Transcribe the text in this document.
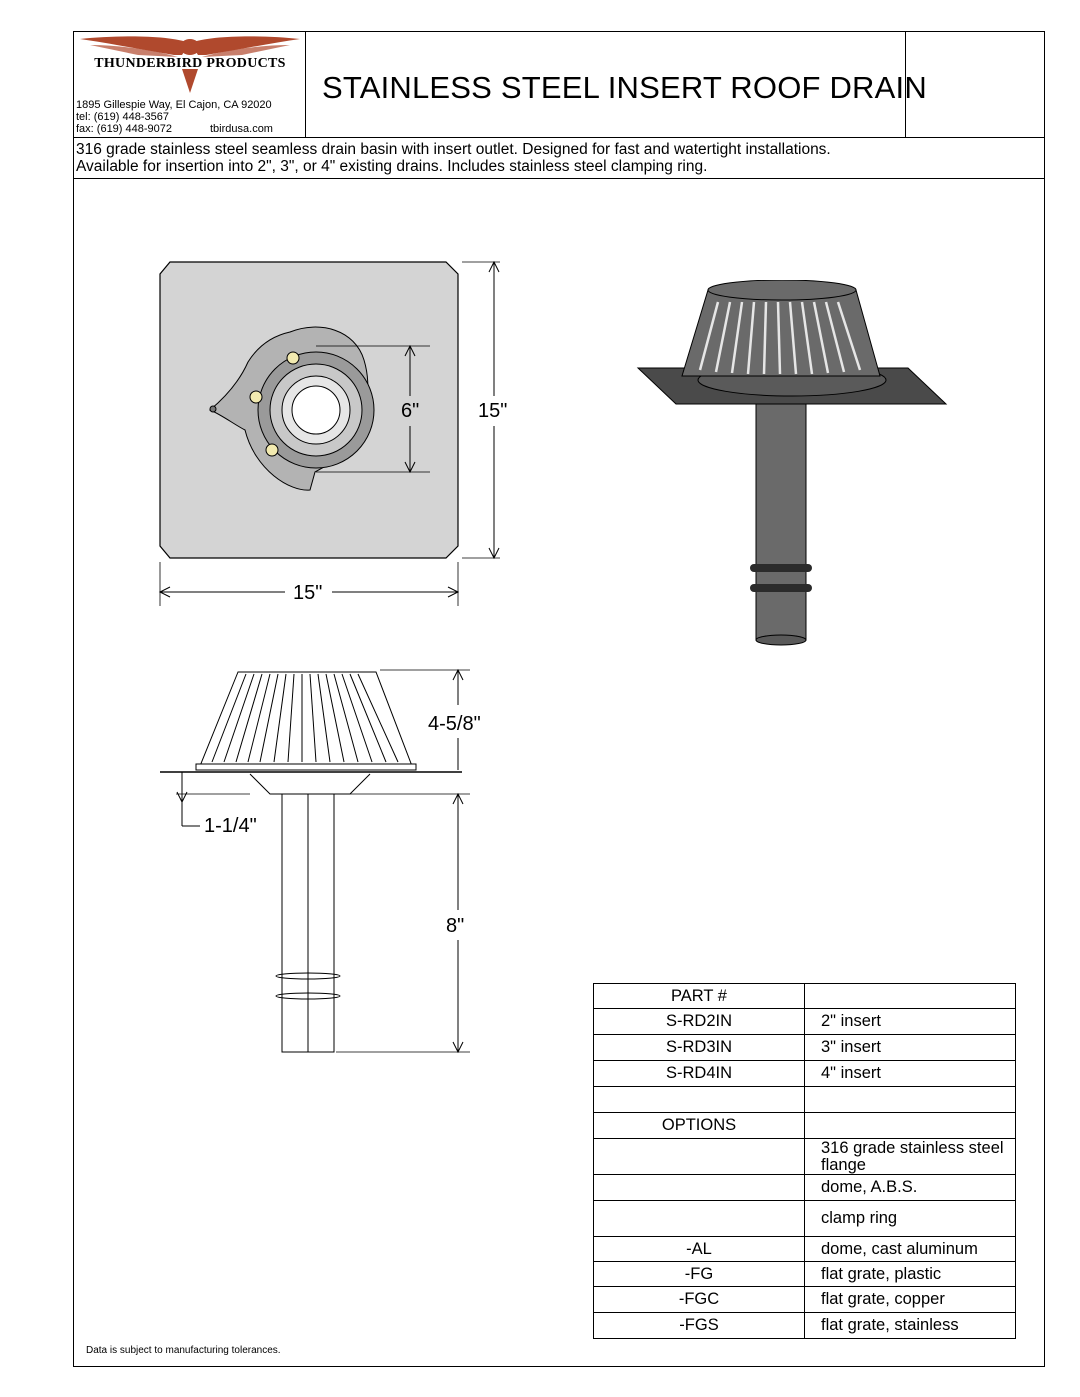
THUNDERBIRD PRODUCTS
1895 Gillespie Way, El Cajon, CA 92020
tel: (619) 448-3567
fax: (619) 448-9072	tbirdusa.com
STAINLESS STEEL INSERT ROOF DRAIN
316 grade stainless steel seamless drain basin with insert outlet. Designed for fast and watertight installations.
Available for insertion into 2", 3", or 4" existing drains. Includes stainless steel clamping ring.
6"	15"
15"
4-5/8"
1-1/4"
8"
PART #	
S-RD2IN	2" insert
S-RD3IN	3" insert
S-RD4IN	4" insert

OPTIONS	
	316 grade stainless steel flange
	dome, A.B.S.
	clamp ring
-AL	dome, cast aluminum
-FG	flat grate, plastic
-FGC	flat grate, copper
-FGS	flat grate, stainless
Data is subject to manufacturing tolerances.
